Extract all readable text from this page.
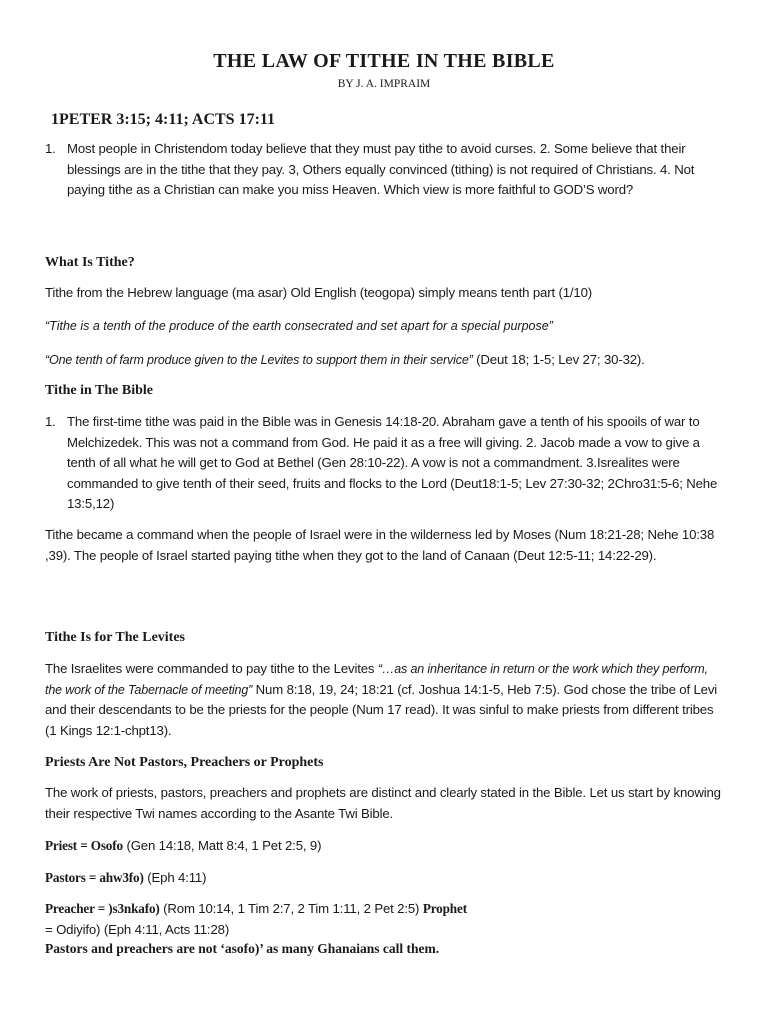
THE LAW OF TITHE IN THE BIBLE
BY J. A. IMPRAIM
1PETER 3:15; 4:11; ACTS 17:11
1. Most people in Christendom today believe that they must pay tithe to avoid curses. 2. Some believe that their blessings are in the tithe that they pay. 3, Others equally convinced (tithing) is not required of Christians. 4. Not paying tithe as a Christian can make you miss Heaven. Which view is more faithful to GOD’S word?
What Is Tithe?
Tithe from the Hebrew language (ma asar) Old English (teogopa) simply means tenth part (1/10)
“Tithe is a tenth of the produce of the earth consecrated and set apart for a special purpose”
“One tenth of farm produce given to the Levites to support them in their service” (Deut 18; 1-5; Lev 27; 30-32).
Tithe in The Bible
1. The first-time tithe was paid in the Bible was in Genesis 14:18-20. Abraham gave a tenth of his spooils of war to Melchizedek. This was not a command from God. He paid it as a free will giving. 2. Jacob made a vow to give a tenth of all what he will get to God at Bethel (Gen 28:10-22). A vow is not a commandment. 3.Isrealites were commanded to give tenth of their seed, fruits and flocks to the Lord (Deut18:1-5; Lev 27:30-32; 2Chro31:5-6; Nehe 13:5,12)
Tithe became a command when the people of Israel were in the wilderness led by Moses (Num 18:21-28; Nehe 10:38 ,39). The people of Israel started paying tithe when they got to the land of Canaan (Deut 12:5-11; 14:22-29).
Tithe Is for The Levites
The Israelites were commanded to pay tithe to the Levites “…as an inheritance in return or the work which they perform, the work of the Tabernacle of meeting” Num 8:18, 19, 24; 18:21 (cf. Joshua 14:1-5, Heb 7:5). God chose the tribe of Levi and their descendants to be the priests for the people (Num 17 read). It was sinful to make priests from different tribes (1 Kings 12:1-chpt13).
Priests Are Not Pastors, Preachers or Prophets
The work of priests, pastors, preachers and prophets are distinct and clearly stated in the Bible. Let us start by knowing their respective Twi names according to the Asante Twi Bible.
Priest = Osofo (Gen 14:18, Matt 8:4, 1 Pet 2:5, 9)
Pastors = ahw3fo) (Eph 4:11)
Preacher = )s3nkafo) (Rom 10:14, 1 Tim 2:7, 2 Tim 1:11, 2 Pet 2:5) Prophet
= Odiyifo) (Eph 4:11, Acts 11:28)
Pastors and preachers are not ‘asofo)’ as many Ghanaians call them.
